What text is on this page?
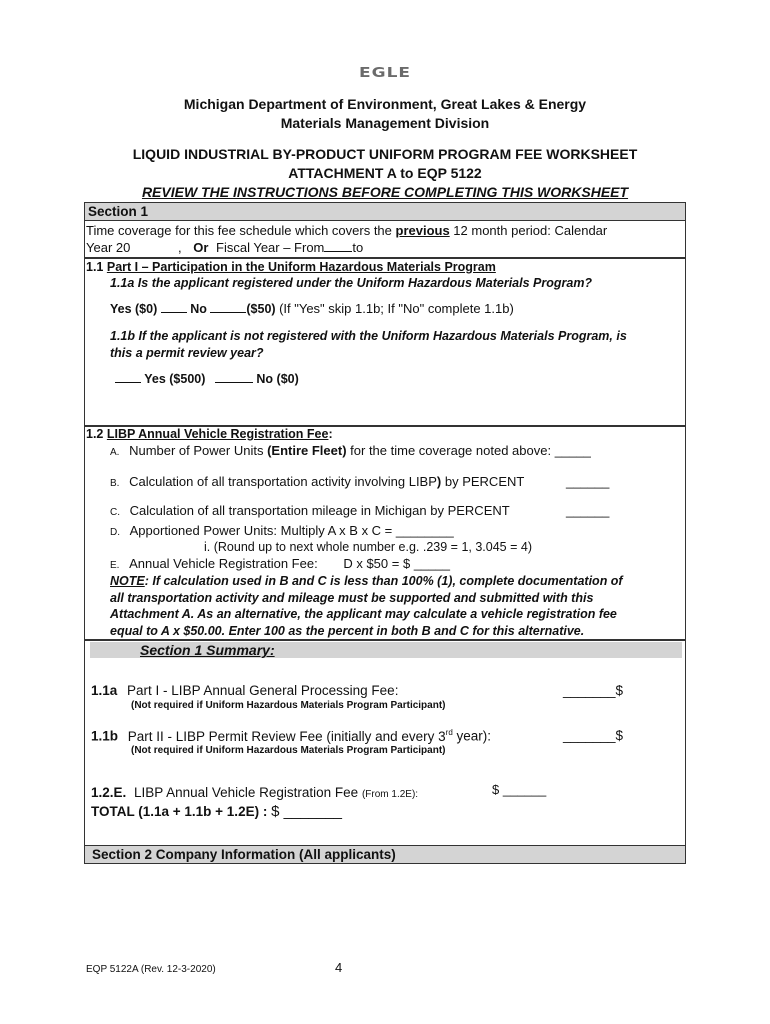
EGLE
Michigan Department of Environment, Great Lakes & Energy
Materials Management Division
LIQUID INDUSTRIAL BY-PRODUCT UNIFORM PROGRAM FEE WORKSHEET
ATTACHMENT A to EQP 5122
REVIEW THE INSTRUCTIONS BEFORE COMPLETING THIS WORKSHEET
Section 1
Time coverage for this fee schedule which covers the previous 12 month period: Calendar
Year 20	, Or Fiscal Year – From to
1.1 Part I – Participation in the Uniform Hazardous Materials Program
1.1a Is the applicant registered under the Uniform Hazardous Materials Program?
Yes ($0)	No	($50) (If "Yes" skip 1.1b; If "No" complete 1.1b)
1.1b If the applicant is not registered with the Uniform Hazardous Materials Program, is
this a permit review year?
Yes ($500)	No ($0)
1.2 LIBP Annual Vehicle Registration Fee:
A. Number of Power Units (Entire Fleet) for the time coverage noted above: _____
B. Calculation of all transportation activity involving LIBP) by PERCENT	______
C. Calculation of all transportation mileage in Michigan by PERCENT	______
D. Apportioned Power Units: Multiply A x B x C = ________
i. (Round up to next whole number e.g. .239 = 1, 3.045 = 4)
E. Annual Vehicle Registration Fee: D x $50 = $ _____
NOTE: If calculation used in B and C is less than 100% (1), complete documentation of
all transportation activity and mileage must be supported and submitted with this
Attachment A. As an alternative, the applicant may calculate a vehicle registration fee
equal to A x $50.00. Enter 100 as the percent in both B and C for this alternative.
Section 1 Summary:
1.1a Part I - LIBP Annual General Processing Fee:	_______$
(Not required if Uniform Hazardous Materials Program Participant)
1.1b Part II - LIBP Permit Review Fee (initially and every 3rd year):	_______$
(Not required if Uniform Hazardous Materials Program Participant)
1.2.E. LIBP Annual Vehicle Registration Fee (From 1.2E):	$ ______
TOTAL (1.1a + 1.1b + 1.2E) : $ _______
Section 2 Company Information (All applicants)
EQP 5122A (Rev. 12-3-2020)	4
